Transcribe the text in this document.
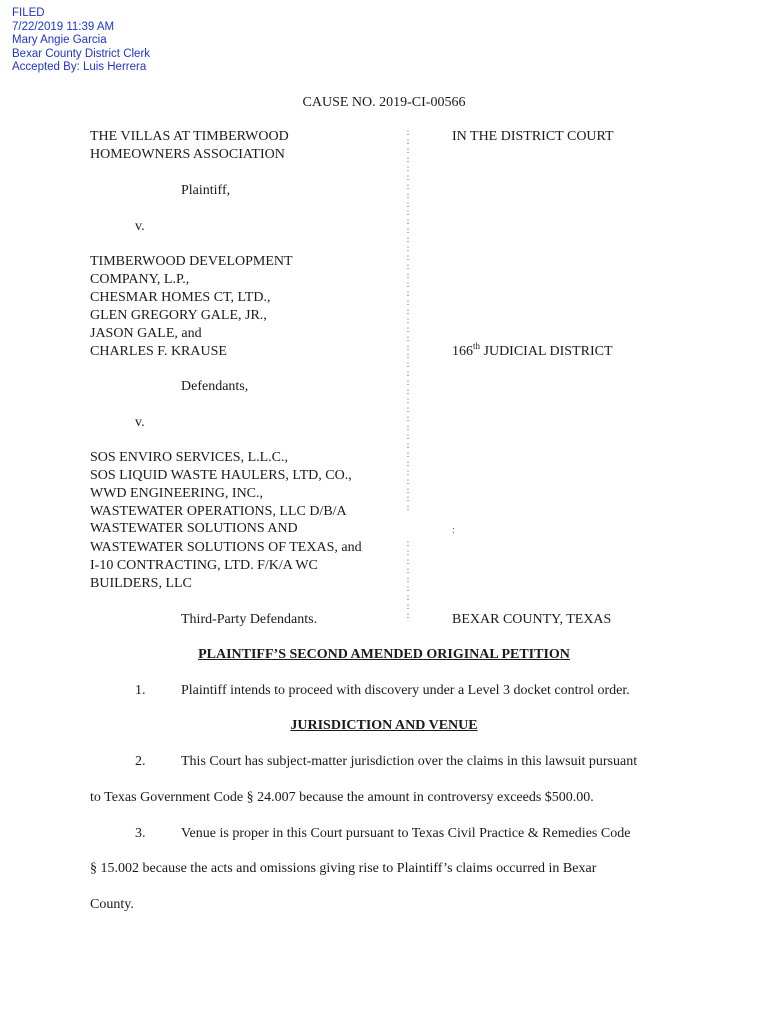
FILED
7/22/2019 11:39 AM
Mary Angie Garcia
Bexar County District Clerk
Accepted By: Luis Herrera
CAUSE NO. 2019-CI-00566
THE VILLAS AT TIMBERWOOD
HOMEOWNERS ASSOCIATION
Plaintiff,
v.
TIMBERWOOD DEVELOPMENT
COMPANY, L.P.,
CHESMAR HOMES CT, LTD.,
GLEN GREGORY GALE, JR.,
JASON GALE, and
CHARLES F. KRAUSE
Defendants,
v.
SOS ENVIRO SERVICES, L.L.C.,
SOS LIQUID WASTE HAULERS, LTD, CO.,
WWD ENGINEERING, INC.,
WASTEWATER OPERATIONS, LLC D/B/A
WASTEWATER SOLUTIONS AND
WASTEWATER SOLUTIONS OF TEXAS, and
I-10 CONTRACTING, LTD. F/K/A WC
BUILDERS, LLC
Third-Party Defendants.
:
:
:
:
:
:
:
:
:
:
:
:
:
:
:
:
:
:
:
:
:
:
:
:
:
:
:
:
:
:
:
:
:
:
:
:
:
:
:
:
:
:
:
:
:
:
:
:
:
:
:
:
IN THE DISTRICT COURT
166th JUDICIAL DISTRICT
:
BEXAR COUNTY, TEXAS
PLAINTIFF’S SECOND AMENDED ORIGINAL PETITION
1.	Plaintiff intends to proceed with discovery under a Level 3 docket control order.
JURISDICTION AND VENUE
2.	This Court has subject-matter jurisdiction over the claims in this lawsuit pursuant
to Texas Government Code § 24.007 because the amount in controversy exceeds $500.00.
3.	Venue is proper in this Court pursuant to Texas Civil Practice & Remedies Code
§ 15.002 because the acts and omissions giving rise to Plaintiff’s claims occurred in Bexar
County.
